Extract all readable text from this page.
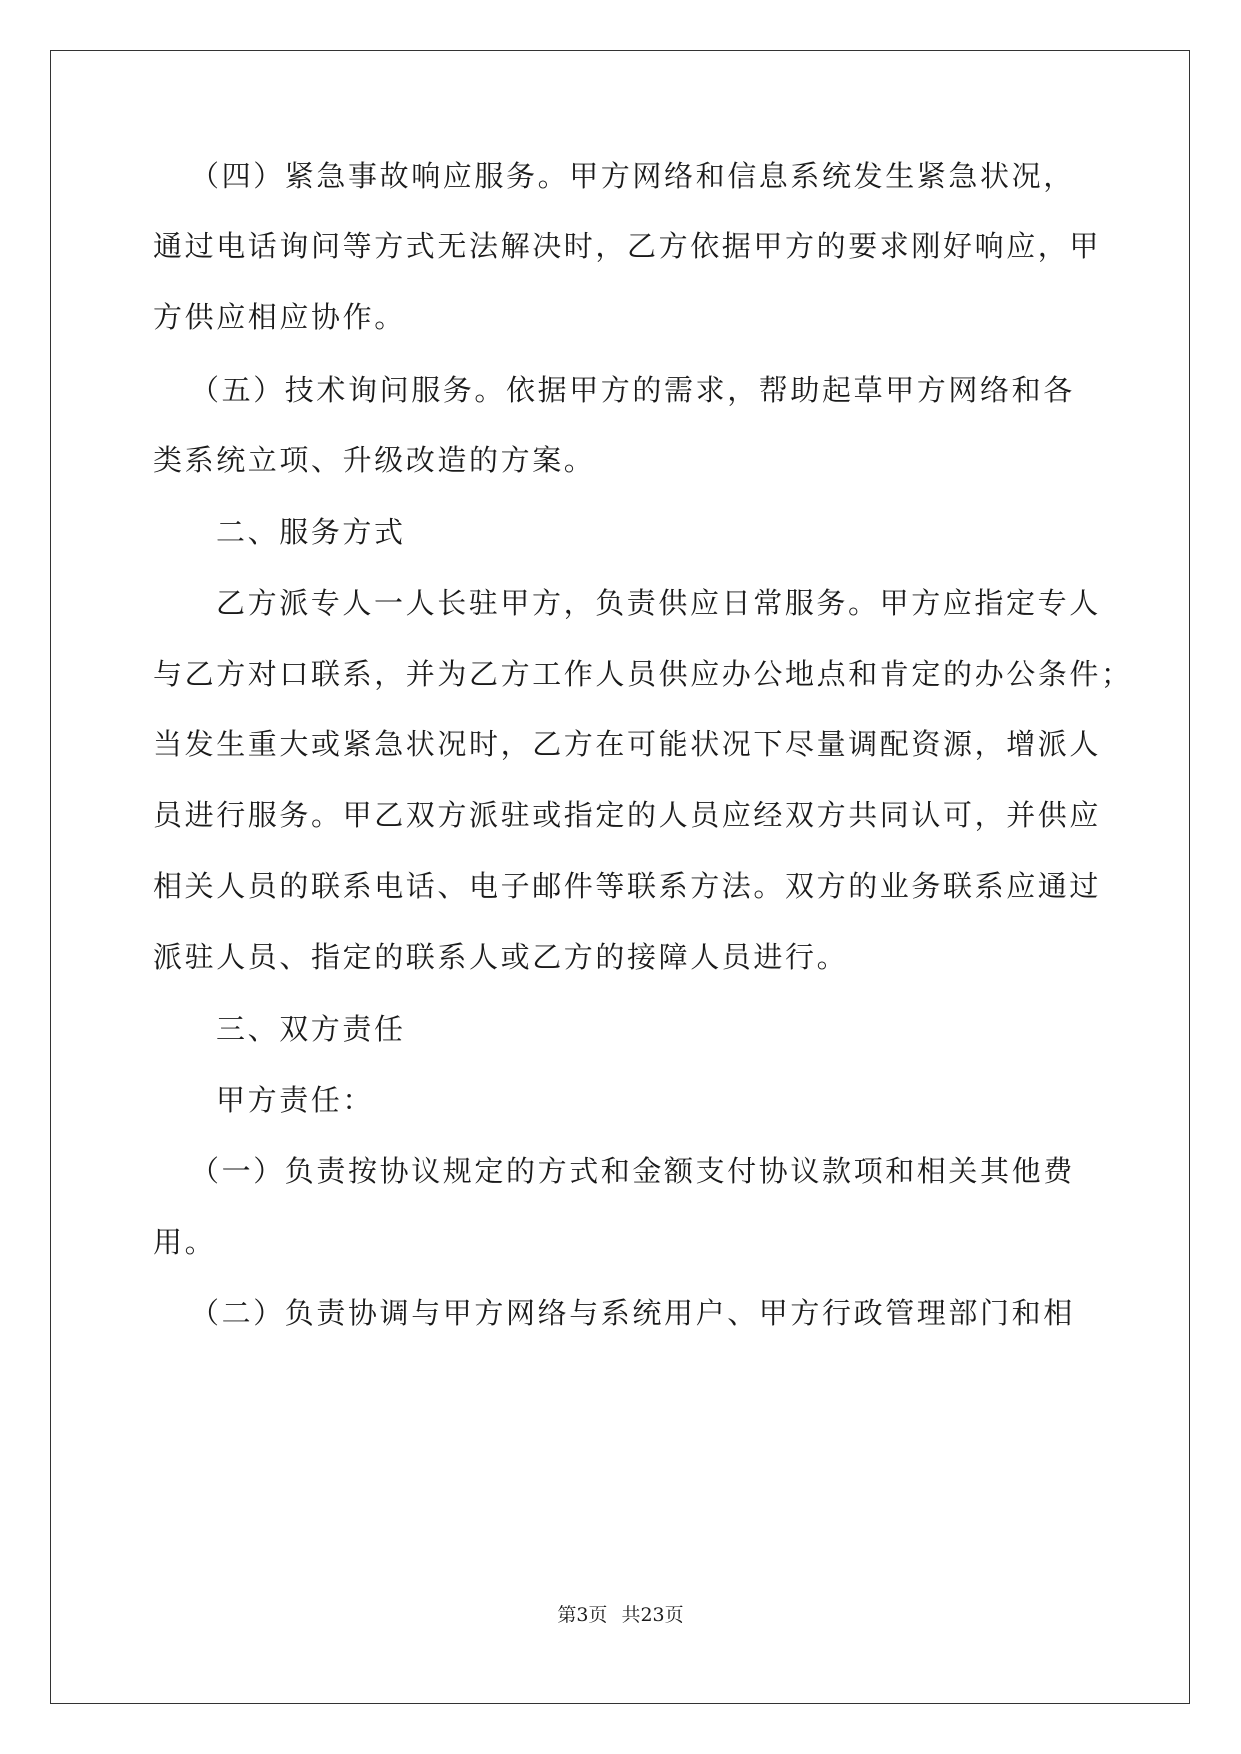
（四）紧急事故响应服务。甲方网络和信息系统发生紧急状况，
通过电话询问等方式无法解决时，乙方依据甲方的要求刚好响应，甲
方供应相应协作。
（五）技术询问服务。依据甲方的需求，帮助起草甲方网络和各
类系统立项、升级改造的方案。
二、服务方式
乙方派专人一人长驻甲方，负责供应日常服务。甲方应指定专人
与乙方对口联系，并为乙方工作人员供应办公地点和肯定的办公条件；
当发生重大或紧急状况时，乙方在可能状况下尽量调配资源，增派人
员进行服务。甲乙双方派驻或指定的人员应经双方共同认可，并供应
相关人员的联系电话、电子邮件等联系方法。双方的业务联系应通过
派驻人员、指定的联系人或乙方的接障人员进行。
三、双方责任
甲方责任：
（一）负责按协议规定的方式和金额支付协议款项和相关其他费
用。
（二）负责协调与甲方网络与系统用户、甲方行政管理部门和相
第3页 共23页
